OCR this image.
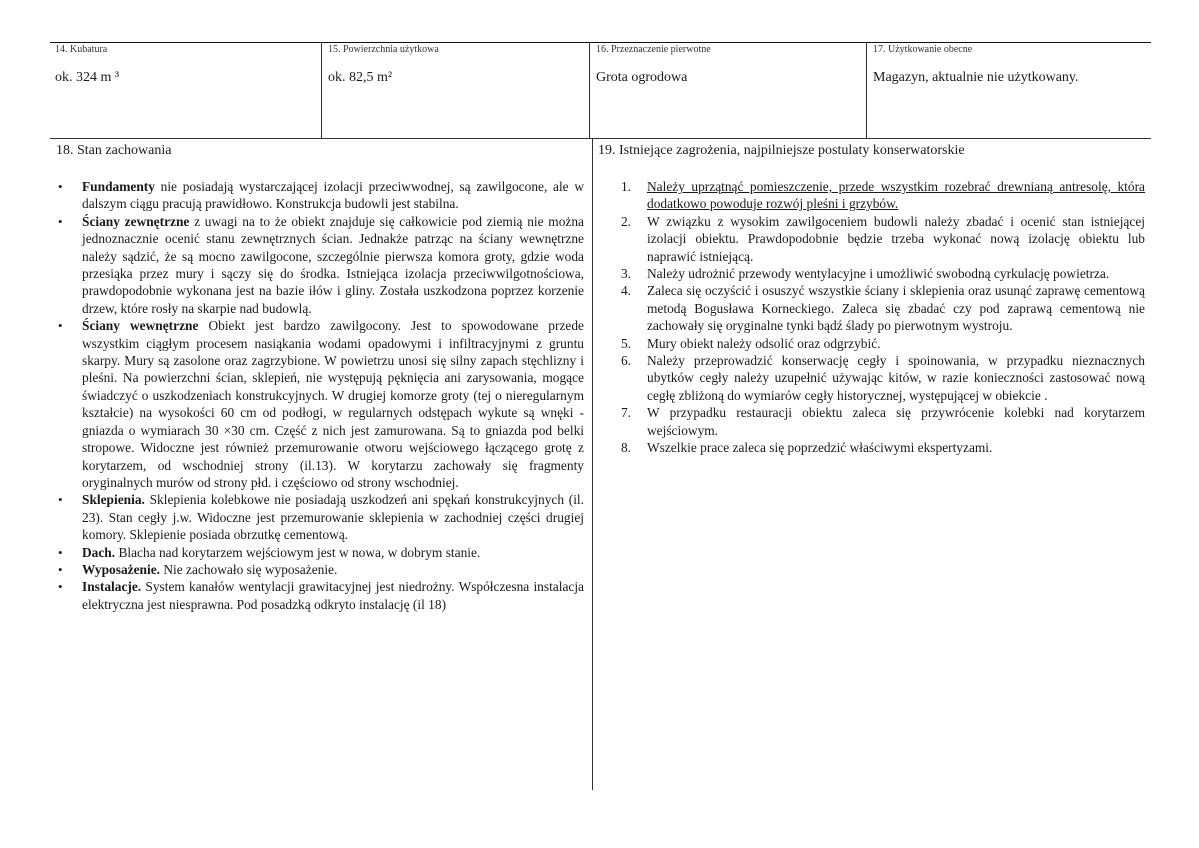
14. Kubatura
ok. 324 m ³
15. Powierzchnia użytkowa
ok. 82,5 m²
16. Przeznaczenie pierwotne
Grota ogrodowa
17. Użytkowanie obecne
Magazyn, aktualnie nie użytkowany.
18. Stan zachowania	19. Istniejące zagrożenia, najpilniejsze postulaty konserwatorskie
• Fundamenty nie posiadają wystarczającej izolacji przeciwwodnej, są zawilgocone, ale w dalszym ciągu pracują prawidłowo. Konstrukcja budowli jest stabilna.
• Ściany zewnętrzne z uwagi na to że obiekt znajduje się całkowicie pod ziemią nie można jednoznacznie ocenić stanu zewnętrznych ścian. Jednakże patrząc na ściany wewnętrzne należy sądzić, że są mocno zawilgocone, szczególnie pierwsza komora groty, gdzie woda przesiąka przez mury i sączy się do środka. Istniejąca izolacja przeciwwilgotnościowa, prawdopodobnie wykonana jest na bazie iłów i gliny. Została uszkodzona poprzez korzenie drzew, które rosły na skarpie nad budowlą.
• Ściany wewnętrzne Obiekt jest bardzo zawilgocony. Jest to spowodowane przede wszystkim ciągłym procesem nasiąkania wodami opadowymi i infiltracyjnymi z gruntu skarpy. Mury są zasolone oraz zagrzybione. W powietrzu unosi się silny zapach stęchlizny i pleśni. Na powierzchni ścian, sklepień, nie występują pęknięcia ani zarysowania, mogące świadczyć o uszkodzeniach konstrukcyjnych. W drugiej komorze groty (tej o nieregularnym kształcie) na wysokości 60 cm od podłogi, w regularnych odstępach wykute są wnęki - gniazda o wymiarach 30 ×30 cm. Część z nich jest zamurowana. Są to gniazda pod belki stropowe. Widoczne jest również przemurowanie otworu wejściowego łączącego grotę z korytarzem, od wschodniej strony (il.13). W korytarzu zachowały się fragmenty oryginalnych murów od strony płd. i częściowo od strony wschodniej.
• Sklepienia. Sklepienia kolebkowe nie posiadają uszkodzeń ani spękań konstrukcyjnych (il. 23). Stan cegły j.w. Widoczne jest przemurowanie sklepienia w zachodniej części drugiej komory. Sklepienie posiada obrzutkę cementową.
• Dach. Blacha nad korytarzem wejściowym jest w nowa, w dobrym stanie.
• Wyposażenie. Nie zachowało się wyposażenie.
• Instalacje. System kanałów wentylacji grawitacyjnej jest niedrożny. Współczesna instalacja elektryczna jest niesprawna. Pod posadzką odkryto instalację (il 18)
1. Należy uprzątnąć pomieszczenie, przede wszystkim rozebrać drewnianą antresolę, która dodatkowo powoduje rozwój pleśni i grzybów.
2. W związku z wysokim zawilgoceniem budowli należy zbadać i ocenić stan istniejącej izolacji obiektu. Prawdopodobnie będzie trzeba wykonać nową izolację obiektu lub naprawić istniejącą.
3. Należy udrożnić przewody wentylacyjne i umożliwić swobodną cyrkulację powietrza.
4. Zaleca się oczyścić i osuszyć wszystkie ściany i sklepienia oraz usunąć zaprawę cementową metodą Bogusława Korneckiego. Zaleca się zbadać czy pod zaprawą cementową nie zachowały się oryginalne tynki bądź ślady po pierwotnym wystroju.
5. Mury obiekt należy odsolić oraz odgrzybić.
6. Należy przeprowadzić konserwację cegły i spoinowania, w przypadku nieznacznych ubytków cegły należy uzupełnić używając kitów, w razie konieczności zastosować nową cegłę zbliżoną do wymiarów cegły historycznej, występującej w obiekcie .
7. W przypadku restauracji obiektu zaleca się przywrócenie kolebki nad korytarzem wejściowym.
8. Wszelkie prace zaleca się poprzedzić właściwymi ekspertyzami.
